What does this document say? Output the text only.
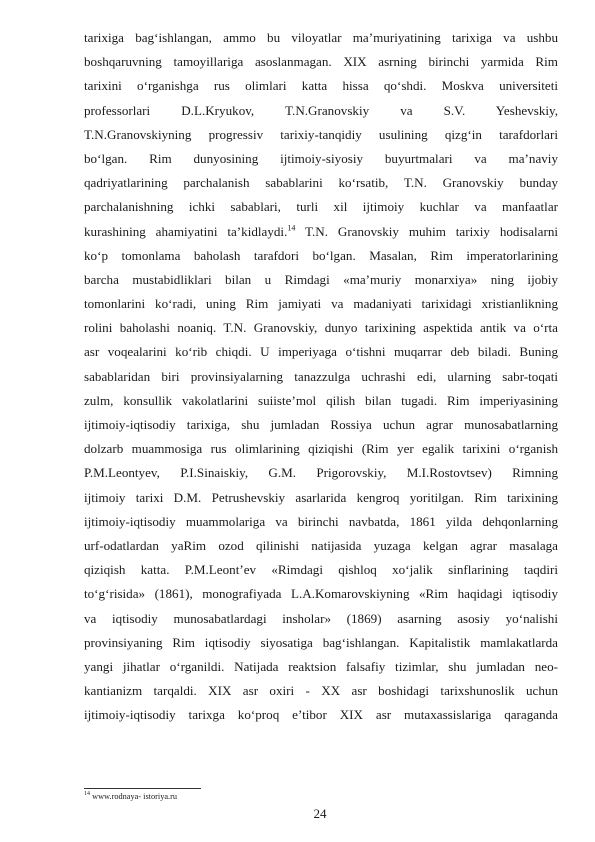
tarixiga bag‘ishlangan, ammo bu viloyatlar ma’muriyatining tarixiga va ushbu
boshqaruvning tamoyillariga asoslanmagan. XIX asrning birinchi yarmida Rim
tarixini o‘rganishga rus olimlari katta hissa qo‘shdi. Moskva universiteti
professorlari D.L.Kryukov, T.N.Granovskiy va S.V. Yeshevskiy,
T.N.Granovskiyning progressiv tarixiy-tanqidiy usulining qizg‘in tarafdorlari
bo‘lgan. Rim dunyosining ijtimoiy-siyosiy buyurtmalari va ma’naviy
qadriyatlarining parchalanish sabablarini ko‘rsatib, T.N. Granovskiy bunday
parchalanishning ichki sabablari, turli xil ijtimoiy kuchlar va manfaatlar
kurashining ahamiyatini ta’kidlaydi.$^{14}$ T.N. Granovskiy muhim tarixiy hodisalarni
ko‘p tomonlama baholash tarafdori bo‘lgan. Masalan, Rim imperatorlarining
barcha mustabidliklari bilan u Rimdagi «ma’muriy monarxiya» ning ijobiy
tomonlarini ko‘radi, uning Rim jamiyati va madaniyati tarixidagi xristianlikning
rolini baholashi noaniq. T.N. Granovskiy, dunyo tarixining aspektida antik va o‘rta
asr voqealarini ko‘rib chiqdi. U imperiyaga o‘tishni muqarrar deb biladi. Buning
sabablaridan biri provinsiyalarning tanazzulga uchrashi edi, ularning sabr-toqati
zulm, konsullik vakolatlarini suiiste’mol qilish bilan tugadi. Rim imperiyasining
ijtimoiy-iqtisodiy tarixiga, shu jumladan Rossiya uchun agrar munosabatlarning
dolzarb muammosiga rus olimlarining qiziqishi (Rim yer egalik tarixini o‘rganish
P.M.Leontyev, P.I.Sinaiskiy, G.M. Prigorovskiy, M.I.Rostovtsev) Rimning
ijtimoiy tarixi D.M. Petrushevskiy asarlarida kengroq yoritilgan. Rim tarixining
ijtimoiy-iqtisodiy muammolariga va birinchi navbatda, 1861 yilda dehqonlarning
urf-odatlardan yaRim ozod qilinishi natijasida yuzaga kelgan agrar masalaga
qiziqish katta. P.M.Leont’ev «Rimdagi qishloq xo‘jalik sinflarining taqdiri
to‘g‘risida» (1861), monografiyada L.A.Komarovskiyning «Rim haqidagi iqtisodiy
va iqtisodiy munosabatlardagi insholar» (1869) asarning asosiy yo‘nalishi
provinsiyaning Rim iqtisodiy siyosatiga bag‘ishlangan. Kapitalistik mamlakatlarda
yangi jihatlar o‘rganildi. Natijada reaktsion falsafiy tizimlar, shu jumladan neo-
kantianizm tarqaldi. XIX asr oxiri - XX asr boshidagi tarixshunoslik uchun
ijtimoiy-iqtisodiy tarixga ko‘proq e’tibor XIX asr mutaxassislariga qaraganda
$^{14}$ www.rodnaya- istoriya.ru
24
